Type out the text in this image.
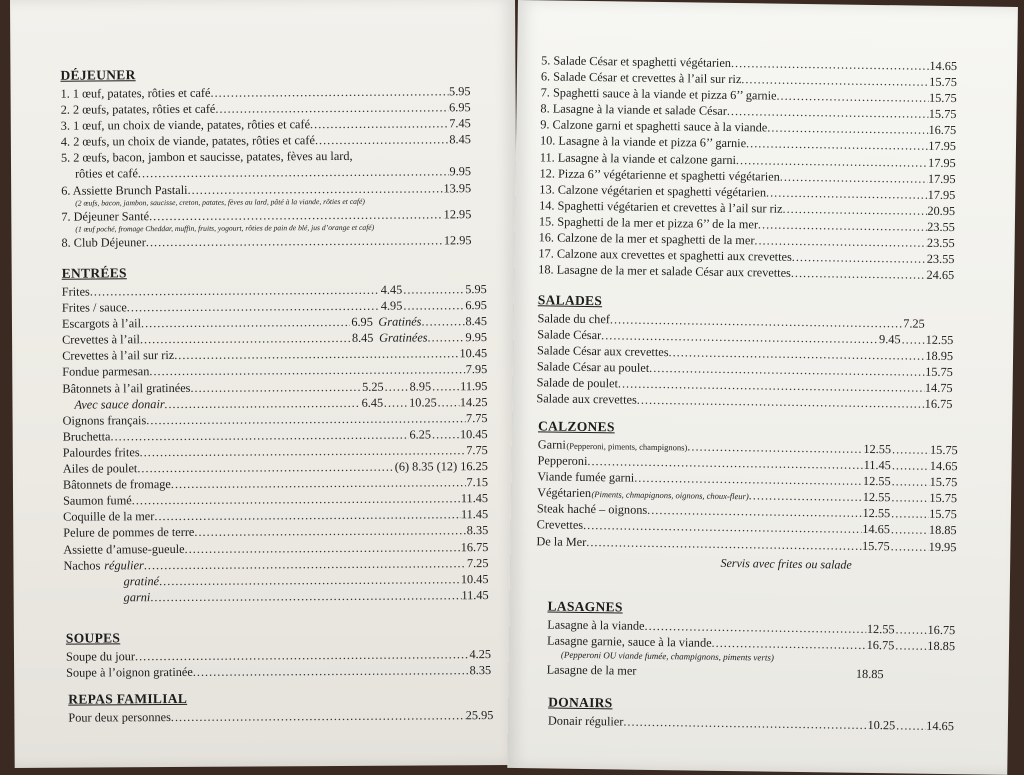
DÉJEUNER
1. 1 œuf, patates, rôties et café .....	5.95
2. 2 œufs, patates, rôties et café .....	6.95
3. 1 œuf, un choix de viande, patates, rôties et café .....	7.45
4. 2 œufs, un choix de viande, patates, rôties et café .....	8.45
5. 2 œufs, bacon, jambon et saucisse, patates, fèves au lard,
rôties et café .....	9.95
6. Assiette Brunch Pastali .....	13.95
(2 œufs, bacon, jambon, saucisse, creton, patates, fèves au lard, pâté à la viande, rôties et café)
7. Déjeuner Santé .....	12.95
(1 œuf poché, fromage Cheddar, muffin, fruits, yogourt, rôties de pain de blé, jus d’orange et café)
8. Club Déjeuner .....	12.95
ENTRÉES
Frites .....	4.45 .....	5.95
Frites / sauce .....	4.95 .....	6.95
Escargots à l’ail .....	6.95 Gratinés .....	8.45
Crevettes à l’ail .....	8.45 Gratinées .....	9.95
Crevettes à l’ail sur riz .....	10.45
Fondue parmesan .....	7.95
Bâtonnets à l’ail gratinées .....	5.25 ..... 8.95 ..... 11.95
Avec sauce donair .....	6.45 ..... 10.25 ..... 14.25
Oignons français .....	7.75
Bruchetta .....	6.25 ..... 10.45
Palourdes frites .....	7.75
Ailes de poulet .....	(6) 8.35 (12) 16.25
Bâtonnets de fromage .....	7.15
Saumon fumé .....	11.45
Coquille de la mer .....	11.45
Pelure de pommes de terre .....	8.35
Assiette d’amuse-gueule .....	16.75
Nachos régulier .....	7.25
gratiné .....	10.45
garni .....	11.45
SOUPES
Soupe du jour .....	4.25
Soupe à l’oignon gratinée .....	8.35
REPAS FAMILIAL
Pour deux personnes .....	25.95
5. Salade César et spaghetti végétarien .....	14.65
6. Salade César et crevettes à l’ail sur riz .....	15.75
7. Spaghetti sauce à la viande et pizza 6’’ garnie .....	15.75
8. Lasagne à la viande et salade César .....	15.75
9. Calzone garni et spaghetti sauce à la viande .....	16.75
10. Lasagne à la viande et pizza 6’’ garnie .....	17.95
11. Lasagne à la viande et calzone garni .....	17.95
12. Pizza 6’’ végétarienne et spaghetti végétarien .....	17.95
13. Calzone végétarien et spaghetti végétarien .....	17.95
14. Spaghetti végétarien et crevettes à l’ail sur riz .....	20.95
15. Spaghetti de la mer et pizza 6’’ de la mer .....	23.55
16. Calzone de la mer et spaghetti de la mer .....	23.55
17. Calzone aux crevettes et spaghetti aux crevettes .....	23.55
18. Lasagne de la mer et salade César aux crevettes .....	24.65
SALADES
Salade du chef .....	7.25
Salade César .....	9.45 ..... 12.55
Salade César aux crevettes .....	18.95
Salade César au poulet .....	15.75
Salade de poulet .....	14.75
Salade aux crevettes .....	16.75
CALZONES
Garni (Pepperoni, piments, champignons) .....	12.55 .....	15.75
Pepperoni .....	11.45 .....	14.65
Viande fumée garni .....	12.55 .....	15.75
Végétarien (Piments, chmapignons, oignons, choux-fleur) .....	12.55 .....	15.75
Steak haché – oignons .....	12.55 .....	15.75
Crevettes .....	14.65 .....	18.85
De la Mer .....	15.75 .....	19.95
Servis avec frites ou salade
LASAGNES
Lasagne à la viande .....	12.55 .....	16.75
Lasagne garnie, sauce à la viande .....	16.75 .....	18.85
(Pepperoni OU viande fumée, champignons, piments verts)
Lasagne de la mer	18.85
DONAIRS
Donair régulier .....	10.25 .....	14.65
